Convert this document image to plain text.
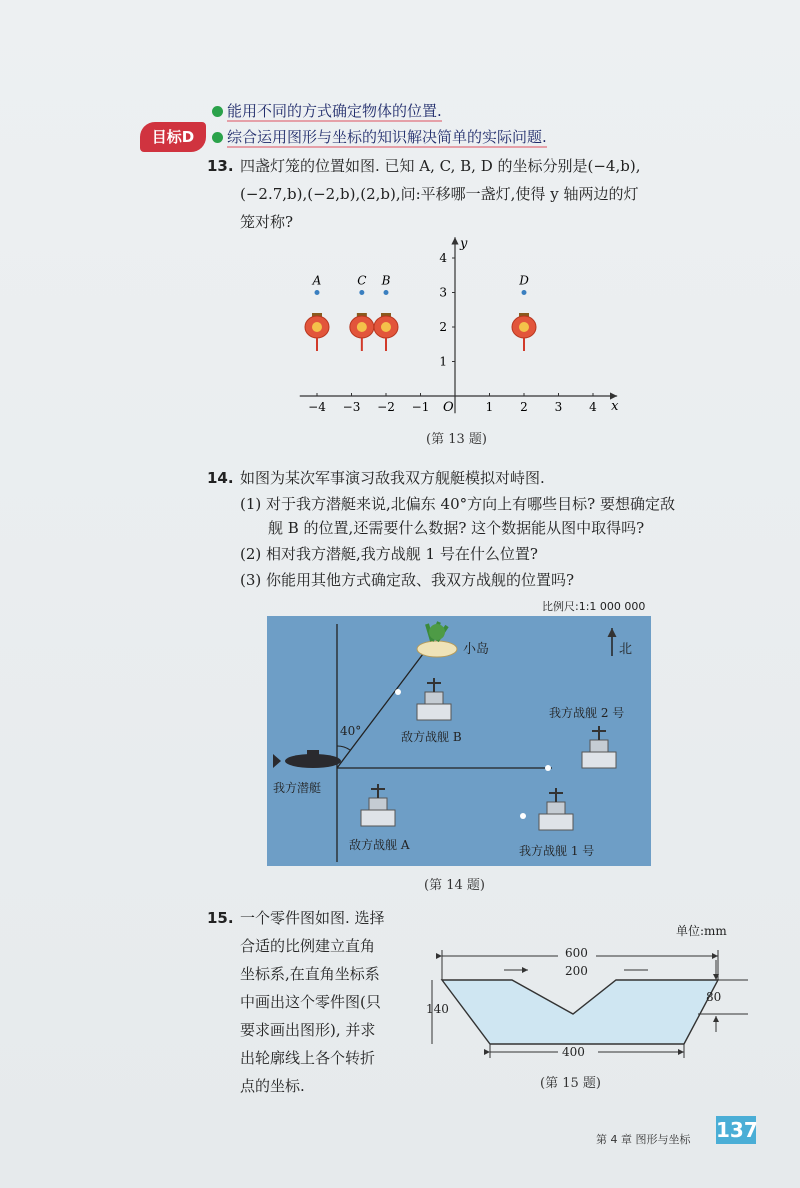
目标D
能用不同的方式确定物体的位置.
综合运用图形与坐标的知识解决简单的实际问题.
13. 四盏灯笼的位置如图. 已知 A, C, B, D 的坐标分别是(−4,b),
(−2.7,b),(−2,b),(2,b),问:平移哪一盏灯,使得 y 轴两边的灯
笼对称?
x
y
O
−4 −3 −2 −1	1 2 3 4
1
2
3
4
A	C B	D
(第 13 题)
14. 如图为某次军事演习敌我双方舰艇模拟对峙图.
(1) 对于我方潜艇来说,北偏东 40°方向上有哪些目标? 要想确定敌
舰 B 的位置,还需要什么数据? 这个数据能从图中取得吗?
(2) 相对我方潜艇,我方战舰 1 号在什么位置?
(3) 你能用其他方式确定敌、我双方战舰的位置吗?
比例尺:1:1 000 000
小岛	北
40°	敌方战舰 B
我方战舰 2 号
我方潜艇
敌方战舰 A	我方战舰 1 号
(第 14 题)
15. 一个零件图如图. 选择
合适的比例建立直角
坐标系,在直角坐标系
中画出这个零件图(只
要求画出图形), 并求
出轮廓线上各个转折
点的坐标.
单位:mm
600
200
140
80
400
(第 15 题)
第 4 章 图形与坐标 137
